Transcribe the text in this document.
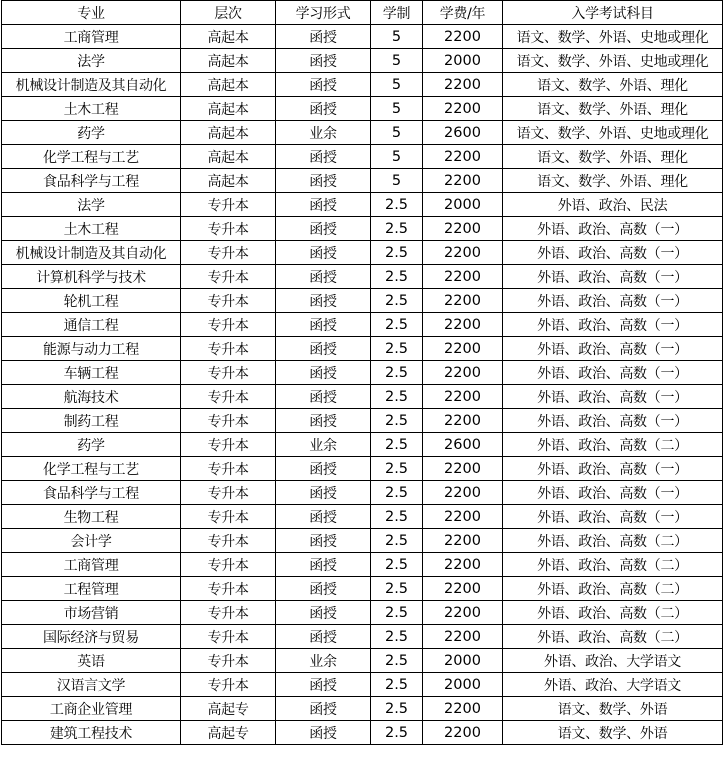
专业	层次	学习形式	学制	学费/年	入学考试科目
工商管理	高起本	函授	5	2200	语文、数学、外语、史地或理化
法学	高起本	函授	5	2000	语文、数学、外语、史地或理化
机械设计制造及其自动化	高起本	函授	5	2200	语文、数学、外语、理化
土木工程	高起本	函授	5	2200	语文、数学、外语、理化
药学	高起本	业余	5	2600	语文、数学、外语、史地或理化
化学工程与工艺	高起本	函授	5	2200	语文、数学、外语、理化
食品科学与工程	高起本	函授	5	2200	语文、数学、外语、理化
法学	专升本	函授	2.5	2000	外语、政治、民法
土木工程	专升本	函授	2.5	2200	外语、政治、高数（一）
机械设计制造及其自动化	专升本	函授	2.5	2200	外语、政治、高数（一）
计算机科学与技术	专升本	函授	2.5	2200	外语、政治、高数（一）
轮机工程	专升本	函授	2.5	2200	外语、政治、高数（一）
通信工程	专升本	函授	2.5	2200	外语、政治、高数（一）
能源与动力工程	专升本	函授	2.5	2200	外语、政治、高数（一）
车辆工程	专升本	函授	2.5	2200	外语、政治、高数（一）
航海技术	专升本	函授	2.5	2200	外语、政治、高数（一）
制药工程	专升本	函授	2.5	2200	外语、政治、高数（一）
药学	专升本	业余	2.5	2600	外语、政治、高数（二）
化学工程与工艺	专升本	函授	2.5	2200	外语、政治、高数（一）
食品科学与工程	专升本	函授	2.5	2200	外语、政治、高数（一）
生物工程	专升本	函授	2.5	2200	外语、政治、高数（一）
会计学	专升本	函授	2.5	2200	外语、政治、高数（二）
工商管理	专升本	函授	2.5	2200	外语、政治、高数（二）
工程管理	专升本	函授	2.5	2200	外语、政治、高数（二）
市场营销	专升本	函授	2.5	2200	外语、政治、高数（二）
国际经济与贸易	专升本	函授	2.5	2200	外语、政治、高数（二）
英语	专升本	业余	2.5	2000	外语、政治、大学语文
汉语言文学	专升本	函授	2.5	2000	外语、政治、大学语文
工商企业管理	高起专	函授	2.5	2200	语文、数学、外语
建筑工程技术	高起专	函授	2.5	2200	语文、数学、外语
